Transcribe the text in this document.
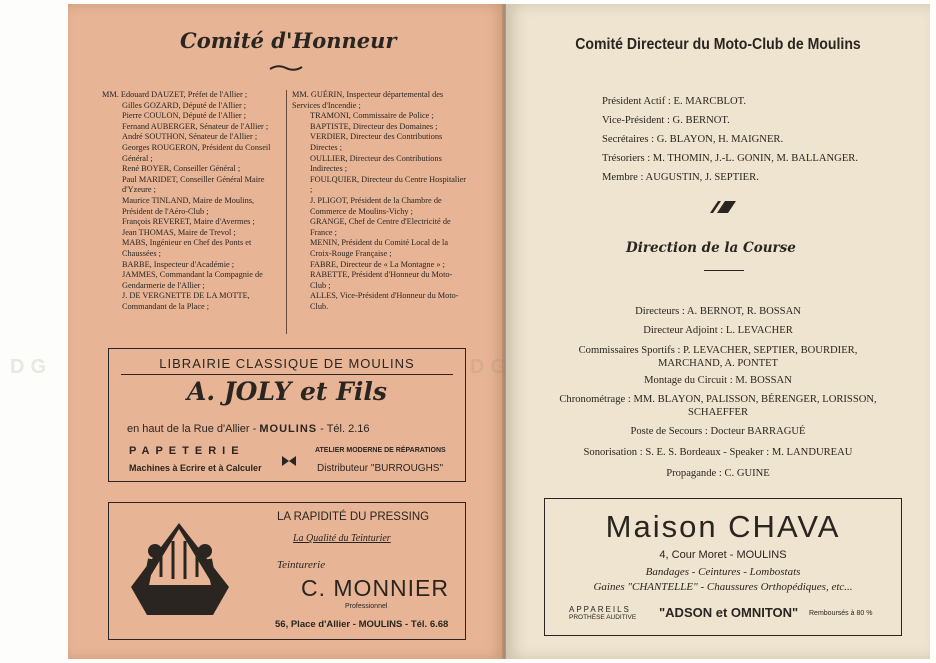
Comité d'Honneur

MM. Edouard DAUZET, Préfet de l'Allier ;

Gilles GOZARD, Député de l'Allier ;

Pierre COULON, Député de l'Allier ;

Fernand AUBERGER, Sénateur de l'Allier ;

André SOUTHON, Sénateur de l'Allier ;

Georges ROUGERON, Président du Conseil Général ;

René BOYER, Conseiller Général ;

Paul MARIDET, Conseiller Général Maire d'Yzeure ;

Maurice TINLAND, Maire de Moulins, Président de l'Aéro-Club ;

François REVERET, Maire d'Avermes ;

Jean THOMAS, Maire de Trevol ;

MABS, Ingénieur en Chef des Ponts et Chaussées ;

BARBE, Inspecteur d'Académie ;

JAMMES, Commandant la Compagnie de Gendarmerie de l'Allier ;

J. DE VERGNETTE DE LA MOTTE, Commandant de la Place ;

MM. GUÉRIN, Inspecteur départemental des Services d'Incendie ;

TRAMONI, Commissaire de Police ;

BAPTISTE, Directeur des Domaines ;

VERDIER, Directeur des Contributions Directes ;

OULLIER, Directeur des Contributions Indirectes ;

FOULQUIER, Directeur du Centre Hospitalier ;

J. PLIGOT, Président de la Chambre de Commerce de Moulins-Vichy ;

GRANGE, Chef de Centre d'Electricité de France ;

MENIN, Président du Comité Local de la Croix-Rouge Française ;

FABRE, Directeur de « La Montagne » ;

RABETTE, Président d'Honneur du Moto-Club ;

ALLES, Vice-Président d'Honneur du Moto-Club.

LIBRAIRIE CLASSIQUE DE MOULINS
A. JOLY et Fils
en haut de la Rue d'Allier - MOULINS - Tél. 2.16
PAPETERIE
Machines à Ecrire et à Calculer
ATELIER MODERNE DE RÉPARATIONS
Distributeur "BURROUGHS"
LA RAPIDITÉ DU PRESSING
La Qualité du Teinturier
Teinturerie
C. MONNIER
Professionnel
56, Place d'Allier - MOULINS - Tél. 6.68
Comité Directeur du Moto-Club de Moulins
Président Actif : E. MARCBLOT.
Vice-Président : G. BERNOT.
Secrétaires : G. BLAYON, H. MAIGNER.
Trésoriers : M. THOMIN, J.-L. GONIN, M. BALLANGER.
Membre : AUGUSTIN, J. SEPTIER.
Direction de la Course
Directeurs : A. BERNOT, R. BOSSAN
Directeur Adjoint : L. LEVACHER
Commissaires Sportifs : P. LEVACHER, SEPTIER, BOURDIER,
MARCHAND, A. PONTET
Montage du Circuit : M. BOSSAN
Chronométrage : MM. BLAYON, PALISSON, BÉRENGER, LORISSON,
SCHAEFFER
Poste de Secours : Docteur BARRAGUÉ
Sonorisation : S. E. S. Bordeaux - Speaker : M. LANDUREAU
Propagande : C. GUINE
Maison CHAVA
4, Cour Moret - MOULINS
Bandages - Ceintures - Lombostats
Gaines "CHANTELLE" - Chaussures Orthopédiques, etc...
APPAREILS
PROTHÈSE AUDITIVE "ADSON et OMNITON" Remboursés à 80 %
DG	DG
